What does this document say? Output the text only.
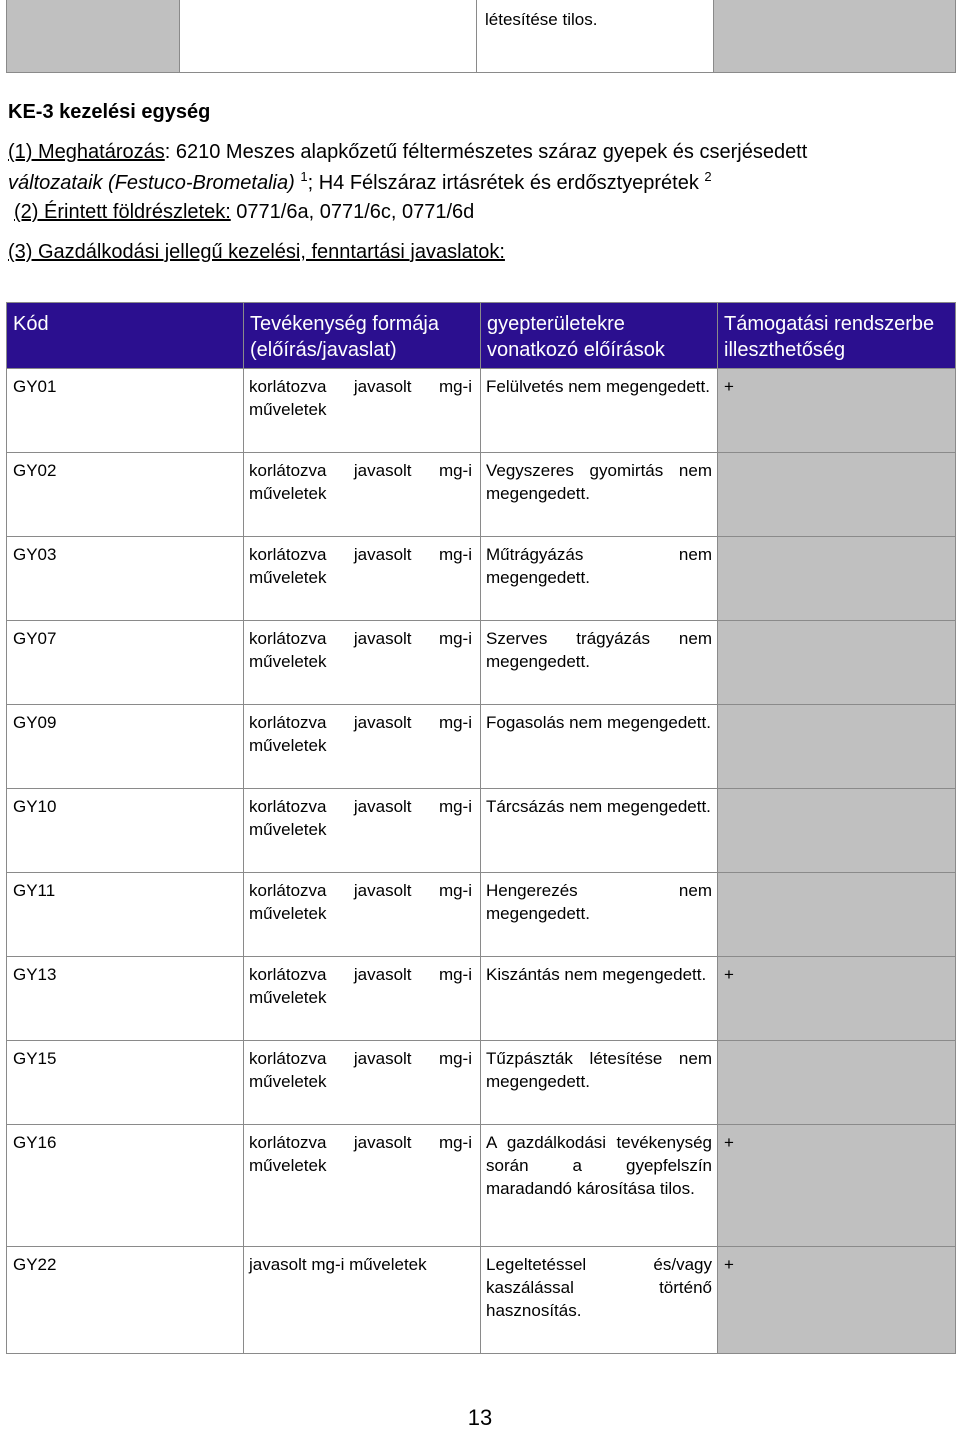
		létesítése tilos.	
KE-3 kezelési egység
(1) Meghatározás: 6210 Meszes alapkőzetű féltermészetes száraz gyepek és cserjésedett
változataik (Festuco-Brometalia) $^1$; H4 Félszáraz irtásrétek és erdősztyeprétek $^2$
(2) Érintett földrészletek: 0771/6a, 0771/6c, 0771/6d
(3) Gazdálkodási jellegű kezelési, fenntartási javaslatok:
Kód	Tevékenység formája (előírás/javaslat)	gyepterületekre vonatkozó előírások	Támogatási rendszerbe illeszthetőség
GY01	korlátozva javasolt mg-i műveletek	Felülvetés nem megengedett.	+
GY02	korlátozva javasolt mg-i műveletek	Vegyszeres gyomirtás nem megengedett.	
GY03	korlátozva javasolt mg-i műveletek	Műtrágyázás nem megengedett.	
GY07	korlátozva javasolt mg-i műveletek	Szerves trágyázás nem megengedett.	
GY09	korlátozva javasolt mg-i műveletek	Fogasolás nem megengedett.	
GY10	korlátozva javasolt mg-i műveletek	Tárcsázás nem megengedett.	
GY11	korlátozva javasolt mg-i műveletek	Hengerezés nem megengedett.	
GY13	korlátozva javasolt mg-i műveletek	Kiszántás nem megengedett.	+
GY15	korlátozva javasolt mg-i műveletek	Tűzpászták létesítése nem megengedett.	
GY16	korlátozva javasolt mg-i műveletek	A gazdálkodási tevékenység során a gyepfelszín maradandó károsítása tilos.	+
GY22	javasolt mg-i műveletek	Legeltetéssel és/vagy kaszálással történő hasznosítás.	+
13
